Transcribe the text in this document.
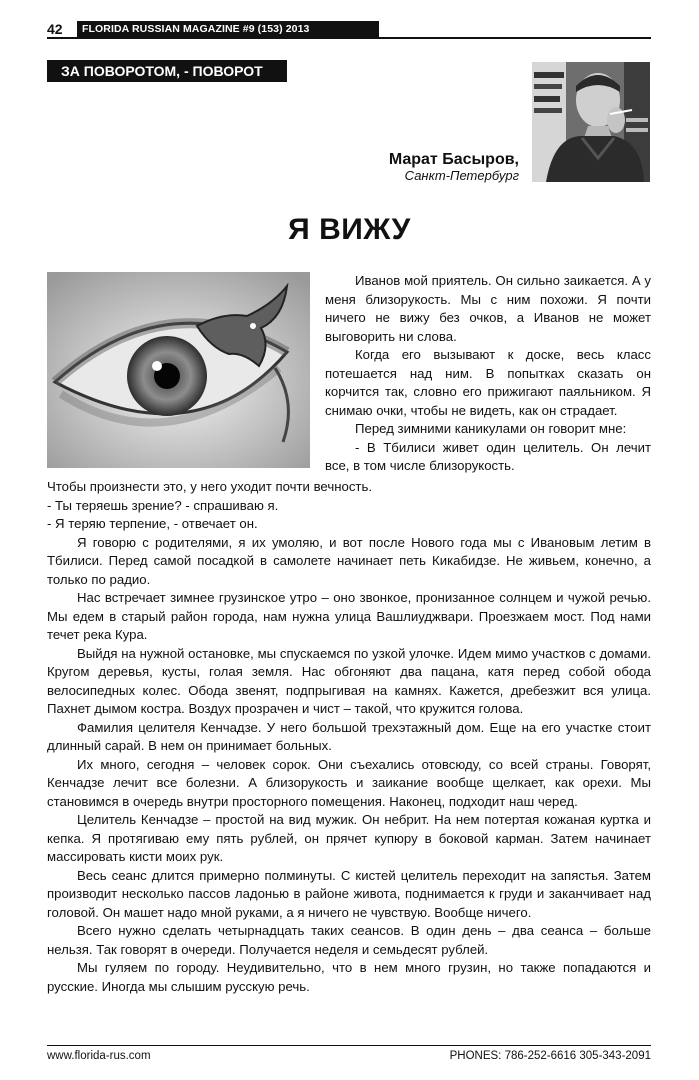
42	FLORIDA RUSSIAN MAGAZINE #9 (153) 2013
ЗА ПОВОРОТОМ, - ПОВОРОТ
Марат Басыров,
Санкт-Петербург
Я ВИЖУ

Иванов мой приятель. Он сильно заикается. А у меня близорукость. Мы с ним похожи. Я почти ничего не вижу без очков, а Иванов не может выговорить ни слова.

Когда его вызывают к доске, весь класс потешается над ним. В попытках сказать он корчится так, словно его прижигают паяльником. Я снимаю очки, чтобы не видеть, как он страдает.

Перед зимними каникулами он говорит мне:

- В Тбилиси живет один целитель. Он лечит все, в том числе близорукость.

Чтобы произнести это, у него уходит почти вечность.

- Ты теряешь зрение? - спрашиваю я.

- Я теряю терпение, - отвечает он.

Я говорю с родителями, я их умоляю, и вот после Нового года мы с Ивановым летим в Тбилиси. Перед самой посадкой в самолете начинает петь Кикабидзе. Не живьем, конечно, а только по радио.

Нас встречает зимнее грузинское утро – оно звонкое, пронизанное солнцем и чужой речью. Мы едем в старый район города, нам нужна улица Вашлиуджвари. Проезжаем мост. Под нами течет река Кура.

Выйдя на нужной остановке, мы спускаемся по узкой улочке. Идем мимо участков с домами. Кругом деревья, кусты, голая земля. Нас обгоняют два пацана, катя перед собой обода велосипедных колес. Обода звенят, подпрыгивая на камнях. Кажется, дребезжит вся улица. Пахнет дымом костра. Воздух прозрачен и чист – такой, что кружится голова.

Фамилия целителя Кенчадзе. У него большой трехэтажный дом. Еще на его участке стоит длинный сарай. В нем он принимает больных.

Их много, сегодня – человек сорок. Они съехались отовсюду, со всей страны. Говорят, Кенчадзе лечит все болезни. А близорукость и заикание вообще щелкает, как орехи. Мы становимся в очередь внутри просторного помещения. Наконец, подходит наш черед.

Целитель Кенчадзе – простой на вид мужик. Он небрит. На нем потертая кожаная куртка и кепка. Я протягиваю ему пять рублей, он прячет купюру в боковой карман. Затем начинает массировать кисти моих рук.

Весь сеанс длится примерно полминуты. С кистей целитель переходит на запястья. Затем производит несколько пассов ладонью в районе живота, поднимается к груди и заканчивает над головой. Он машет надо мной руками, а я ничего не чувствую. Вообще ничего.

Всего нужно сделать четырнадцать таких сеансов. В один день – два сеанса – больше нельзя. Так говорят в очереди. Получается неделя и семьдесят рублей.

Мы гуляем по городу. Неудивительно, что в нем много грузин, но также попадаются и русские. Иногда мы слышим русскую речь.

www.florida-rus.com	PHONES: 786-252-6616 305-343-2091
